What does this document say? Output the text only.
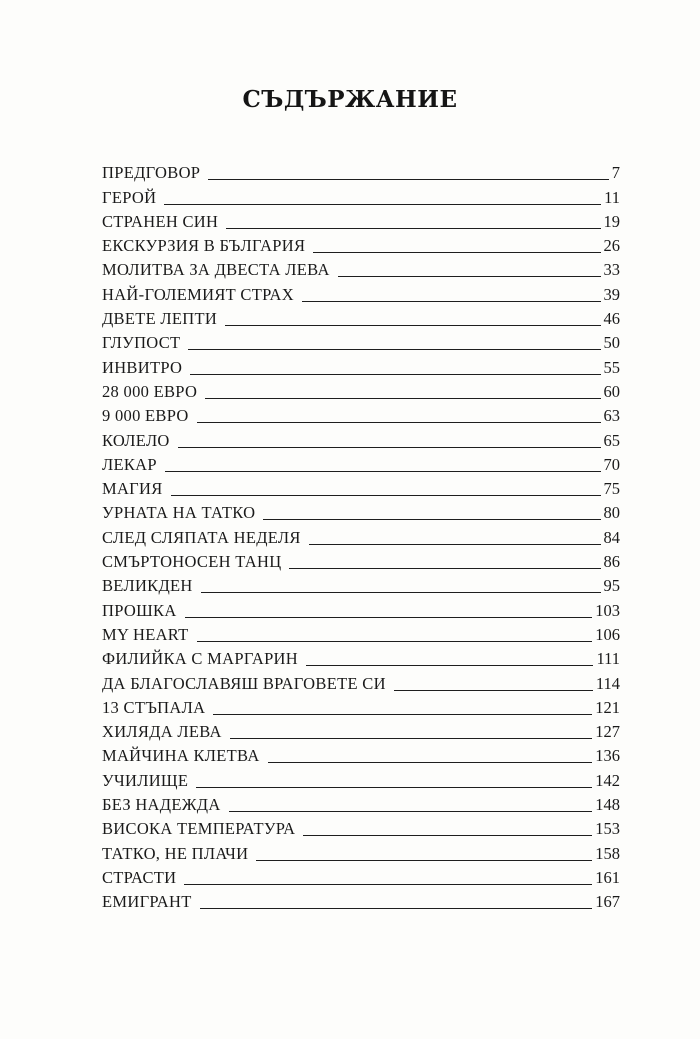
СЪДЪРЖАНИЕ
ПРЕДГОВОР	7
ГЕРОЙ	11
СТРАНЕН СИН	19
ЕКСКУРЗИЯ В БЪЛГАРИЯ	26
МОЛИТВА ЗА ДВЕСТА ЛЕВА	33
НАЙ-ГОЛЕМИЯТ СТРАХ	39
ДВЕТЕ ЛЕПТИ	46
ГЛУПОСТ	50
ИНВИТРО	55
28 000 ЕВРО	60
9 000 ЕВРО	63
КОЛЕЛО	65
ЛЕКАР	70
МАГИЯ	75
УРНАТА НА ТАТКО	80
СЛЕД СЛЯПАТА НЕДЕЛЯ	84
СМЪРТОНОСЕН ТАНЦ	86
ВЕЛИКДЕН	95
ПРОШКА	103
MY HEART	106
ФИЛИЙКА С МАРГАРИН	111
ДА БЛАГОСЛАВЯШ ВРАГОВЕТЕ СИ	114
13 СТЪПАЛА	121
ХИЛЯДА ЛЕВА	127
МАЙЧИНА КЛЕТВА	136
УЧИЛИЩЕ	142
БЕЗ НАДЕЖДА	148
ВИСОКА ТЕМПЕРАТУРА	153
ТАТКО, НЕ ПЛАЧИ	158
СТРАСТИ	161
ЕМИГРАНТ	167
